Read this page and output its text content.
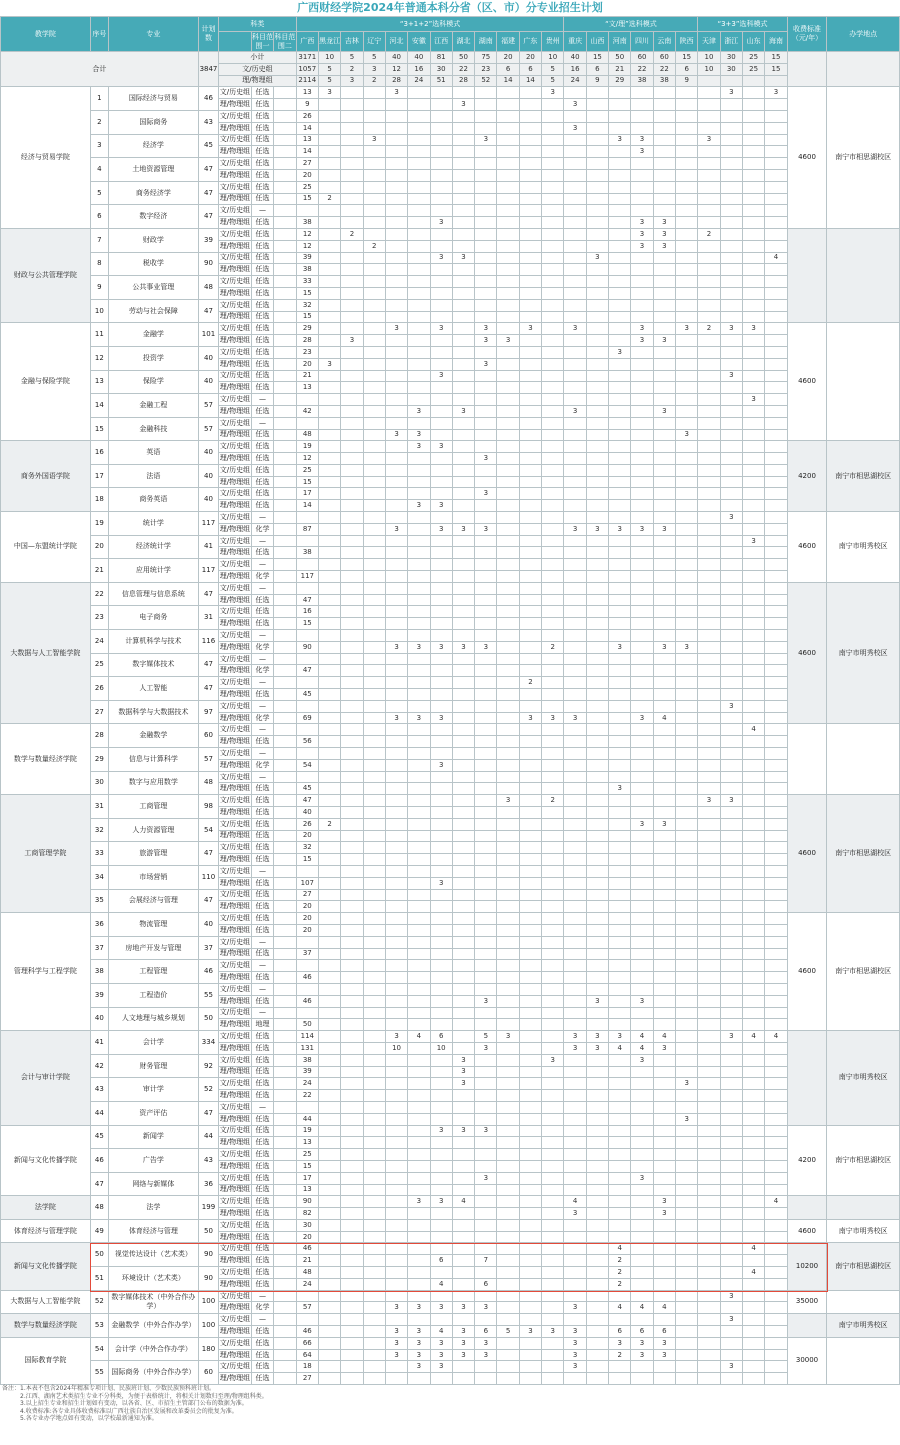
广西财经学院2024年普通本科分省（区、市）分专业招生计划
教学院	序号	专业	计划数	科类			“3+1+2”选科模式												“文/理”选科模式						“3+3”选科模式				收费标准（元/年）	办学地点
					科目范围一	科目范围二	广西	黑龙江	吉林	辽宁	河北	安徽	江西	湖北	湖南	福建	广东	贵州	重庆	山西	河南	四川	云南	陕西	天津	浙江	山东	海南		
合计			3847	小计			3171	10	5	5	40	40	81	50	75	20	20	10	40	15	50	60	60	15	10	30	25	15		
				文/历史组			1057	5	2	3	12	16	30	22	23	6	6	5	16	6	21	22	22	6	10	30	25	15		
				理/物理组			2114	5	3	2	28	24	51	28	52	14	14	5	24	9	29	38	38	9						
经济与贸易学院	1	国际经济与贸易	46	文/历史组	任选		13	3			3							3								3		3	4600	南宁市相思湖校区
				理/物理组	任选		9							3					3											
	2	国际商务	43	文/历史组	任选		26																							
				理/物理组	任选		14												3											
	3	经济学	45	文/历史组	任选		13			3					3						3	3			3					
				理/物理组	任选		14															3								
	4	土地资源管理	47	文/历史组	任选		27																							
				理/物理组	任选		20																							
	5	商务经济学	47	文/历史组	任选		25																							
				理/物理组	任选		15	2																						
	6	数字经济	47	文/历史组	—																									
				理/物理组	任选		38						3									3	3							
财政与公共管理学院	7	财政学	39	文/历史组	任选		12		2													3	3		2					
				理/物理组	任选		12			2												3	3							
	8	税收学	90	文/历史组	任选		39						3	3						3								4		
				理/物理组	任选		38																							
	9	公共事业管理	48	文/历史组	任选		33																							
				理/物理组	任选		15																							
	10	劳动与社会保障	47	文/历史组	任选		32																							
				理/物理组	任选		15																							
金融与保险学院	11	金融学	101	文/历史组	任选		29				3		3		3		3		3			3		3	2	3	3		4600	
				理/物理组	任选		28		3						3	3						3	3							
	12	投资学	40	文/历史组	任选		23														3									
				理/物理组	任选		20	3							3															
	13	保险学	40	文/历史组	任选		21						3													3				
				理/物理组	任选		13																							
	14	金融工程	57	文/历史组	—																						3			
				理/物理组	任选		42					3		3					3				3							
	15	金融科技	57	文/历史组	—																									
				理/物理组	任选		48				3	3												3						
商务外国语学院	16	英语	40	文/历史组	任选		19					3	3																4200	南宁市相思湖校区
				理/物理组	任选		12								3															
	17	法语	40	文/历史组	任选		25																							
				理/物理组	任选		15																							
	18	商务英语	40	文/历史组	任选		17								3															
				理/物理组	任选		14					3	3																	
中国—东盟统计学院	19	统计学	117	文/历史组	—																					3			4600	南宁市明秀校区
				理/物理组	化学		87				3		3	3	3				3	3	3	3	3							
	20	经济统计学	41	文/历史组	—																						3			
				理/物理组	任选		38																							
	21	应用统计学	117	文/历史组	—																									
				理/物理组	化学		117																							
大数据与人工智能学院	22	信息管理与信息系统	47	文/历史组	—																								4600	南宁市明秀校区
				理/物理组	任选		47																							
	23	电子商务	31	文/历史组	任选		16																							
				理/物理组	任选		15																							
	24	计算机科学与技术	116	文/历史组	—																									
				理/物理组	化学		90				3	3	3	3	3			2			3		3	3						
	25	数字媒体技术	47	文/历史组	—																									
				理/物理组	化学		47																							
	26	人工智能	47	文/历史组	—												2													
				理/物理组	任选		45																							
	27	数据科学与大数据技术	97	文/历史组	—																					3				
				理/物理组	化学		69				3	3	3				3	3	3			3	4							
数学与数量经济学院	28	金融数学	60	文/历史组	—																						4			
				理/物理组	任选		56																							
	29	信息与计算科学	57	文/历史组	—																									
				理/物理组	化学		54						3																	
	30	数字与应用数学	48	文/历史组	—																									
				理/物理组	任选		45														3									
工商管理学院	31	工商管理	98	文/历史组	任选		47									3		2							3	3			4600	南宁市相思湖校区
				理/物理组	任选		40																							
	32	人力资源管理	54	文/历史组	任选		26	2														3	3							
				理/物理组	任选		20																							
	33	旅游管理	47	文/历史组	任选		32																							
				理/物理组	任选		15																							
	34	市场营销	110	文/历史组	—																									
				理/物理组	任选		107						3																	
	35	会展经济与管理	47	文/历史组	任选		27																							
				理/物理组	任选		20																							
管理科学与工程学院	36	物流管理	40	文/历史组	任选		20																						4600	南宁市相思湖校区
				理/物理组	任选		20																							
	37	房地产开发与管理	37	文/历史组	—																									
				理/物理组	任选		37																							
	38	工程管理	46	文/历史组	—																									
				理/物理组	任选		46																							
	39	工程造价	55	文/历史组	—																									
				理/物理组	任选		46								3					3		3								
	40	人文地理与城乡规划	50	文/历史组	—																									
				理/物理组	地理		50																							
会计与审计学院	41	会计学	334	文/历史组	任选		114				3	4	6		5	3			3	3	3	4	4			3	4	4		南宁市明秀校区
				理/物理组	任选		131				10		10		3				3	3	4	4	3							
	42	财务管理	92	文/历史组	任选		38							3				3				3								
				理/物理组	任选		39							3																
	43	审计学	52	文/历史组	任选		24							3										3						
				理/物理组	任选		22																							
	44	资产评估	47	文/历史组	—																									
				理/物理组	任选		44																	3						
新闻与文化传播学院	45	新闻学	44	文/历史组	任选		19						3	3	3														4200	南宁市相思湖校区
				理/物理组	任选		13																							
	46	广告学	43	文/历史组	任选		25																							
				理/物理组	任选		15																							
	47	网络与新媒体	36	文/历史组	任选		17								3							3								
				理/物理组	任选		13																							
法学院	48	法学	199	文/历史组	任选		90					3	3	4					4				3					4		
				理/物理组	任选		82												3				3							
体育经济与管理学院	49	体育经济与管理	50	文/历史组	任选		30																						4600	南宁市明秀校区
				理/物理组	任选		20																							
新闻与文化传播学院	50	视觉传达设计（艺术类）	90	文/历史组	任选		46														4						4		10200	南宁市相思湖校区
				理/物理组	任选		21						6		7						2									
	51	环境设计（艺术类）	90	文/历史组	任选		48														2						4			
				理/物理组	任选		24						4		6						2									
大数据与人工智能学院	52	数字媒体技术（中外合作办学）	100	文/历史组	—																					3			35000	
				理/物理组	化学		57				3	3	3	3	3				3		4	4	4							
数学与数量经济学院	53	金融数学（中外合作办学）	100	文/历史组	—																					3				南宁市明秀校区
				理/物理组	任选		46				3	3	4	3	6	5	3	3	3		6	6	6							
国际教育学院	54	会计学（中外合作办学）	180	文/历史组	任选		66				3	3	3	3	3				3		3	3	3						30000	
				理/物理组	任选		64				3	3	3	3	3				3		2	3	3							
	55	国际商务（中外合作办学）	60	文/历史组	任选		18					3	3						3							3				
				理/物理组	任选		27																							
备注：1.本表不包含2024年精准专项计划、民族班计划、少数民族预科班计划。
2.江西、湖南艺术类招生专业不分科类，为便于表格统计，将相关计划数归至理/物理组科类。
3.以上招生专业和招生计划如有变动，以各省、区、市招生主管部门公布的数据为准。
4.收费标准:各专业具体收费标准以广西壮族自治区发展和改革委员会的批复为准。
5.各专业办学地点如有变动，以学校最新通知为准。
